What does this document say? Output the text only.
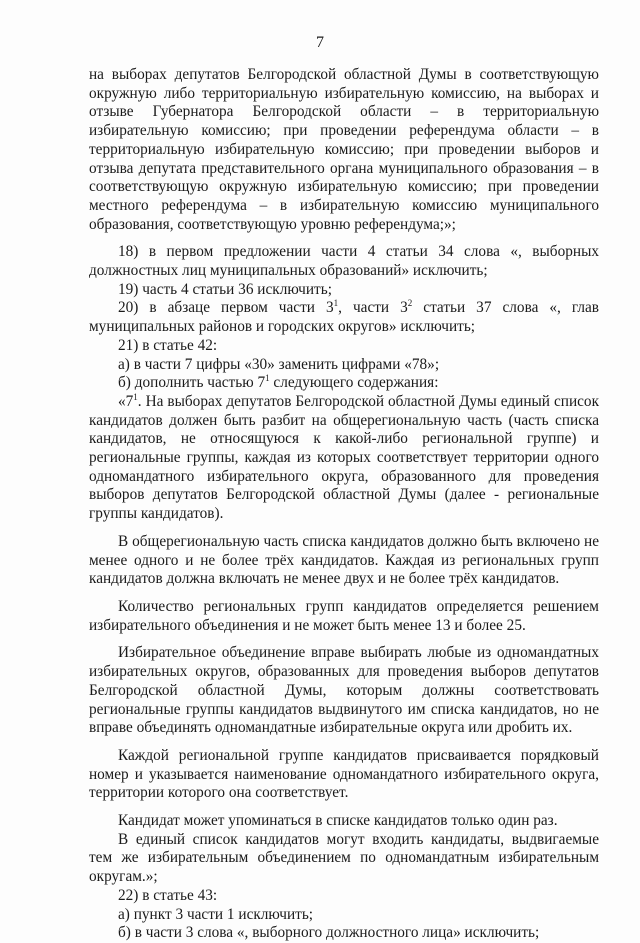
7

на выборах депутатов Белгородской областной Думы в соответствующую окружную либо территориальную избирательную комиссию, на выборах и отзыве Губернатора Белгородской области – в территориальную избирательную комиссию; при проведении референдума области – в территориальную избирательную комиссию; при проведении выборов и отзыва депутата представительного органа муниципального образования – в соответствующую окружную избирательную комиссию; при проведении местного референдума – в избирательную комиссию муниципального образования, соответствующую уровню референдума;»;

18) в первом предложении части 4 статьи 34 слова «, выборных должностных лиц муниципальных образований» исключить;

19) часть 4 статьи 36 исключить;

20) в абзаце первом части $3^1$, части $3^2$ статьи 37 слова «, глав муниципальных районов и городских округов» исключить;

21) в статье 42:

а) в части 7 цифры «30» заменить цифрами «78»;

б) дополнить частью $7^1$ следующего содержания:

«$7^1$. На выборах депутатов Белгородской областной Думы единый список кандидатов должен быть разбит на общерегиональную часть (часть списка кандидатов, не относящуюся к какой-либо региональной группе) и региональные группы, каждая из которых соответствует территории одного одномандатного избирательного округа, образованного для проведения выборов депутатов Белгородской областной Думы (далее - региональные группы кандидатов).

В общерегиональную часть списка кандидатов должно быть включено не менее одного и не более трёх кандидатов. Каждая из региональных групп кандидатов должна включать не менее двух и не более трёх кандидатов.

Количество региональных групп кандидатов определяется решением избирательного объединения и не может быть менее 13 и более 25.

Избирательное объединение вправе выбирать любые из одномандатных избирательных округов, образованных для проведения выборов депутатов Белгородской областной Думы, которым должны соответствовать региональные группы кандидатов выдвинутого им списка кандидатов, но не вправе объединять одномандатные избирательные округа или дробить их.

Каждой региональной группе кандидатов присваивается порядковый номер и указывается наименование одномандатного избирательного округа, территории которого она соответствует.

Кандидат может упоминаться в списке кандидатов только один раз.

В единый список кандидатов могут входить кандидаты, выдвигаемые тем же избирательным объединением по одномандатным избирательным округам.»;

22) в статье 43:

а) пункт 3 части 1 исключить;

б) в части 3 слова «, выборного должностного лица» исключить;
